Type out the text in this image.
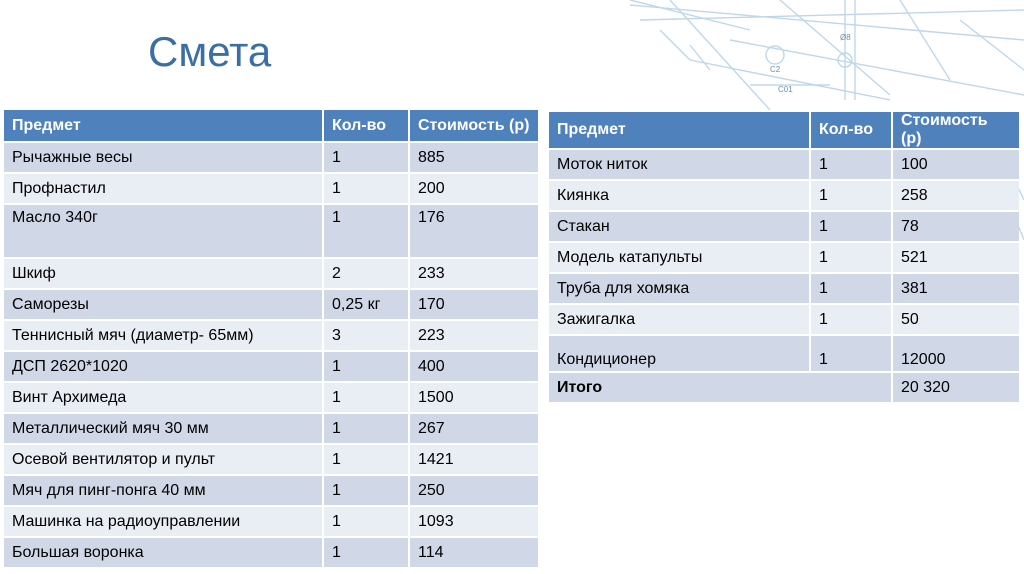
C2
Ø8
C01
Смета
Предмет	Кол-во	Стоимость (р)
Рычажные весы	1	885
Профнастил	1	200
Масло 340г	1	176
Шкиф	2	233
Саморезы	0,25 кг	170
Теннисный мяч (диаметр- 65мм)	3	223
ДСП 2620*1020	1	400
Винт Архимеда	1	1500
Металлический мяч 30 мм	1	267
Осевой вентилятор и пульт	1	1421
Мяч для пинг-понга 40 мм	1	250
Машинка на радиоуправлении	1	1093
Большая воронка	1	114
Предмет	Кол-во	Стоимость (р)
Моток ниток	1	100
Киянка	1	258
Стакан	1	78
Модель катапульты	1	521
Труба для хомяка	1	381
Зажигалка	1	50
Кондиционер	1	12000
Итого		20 320
